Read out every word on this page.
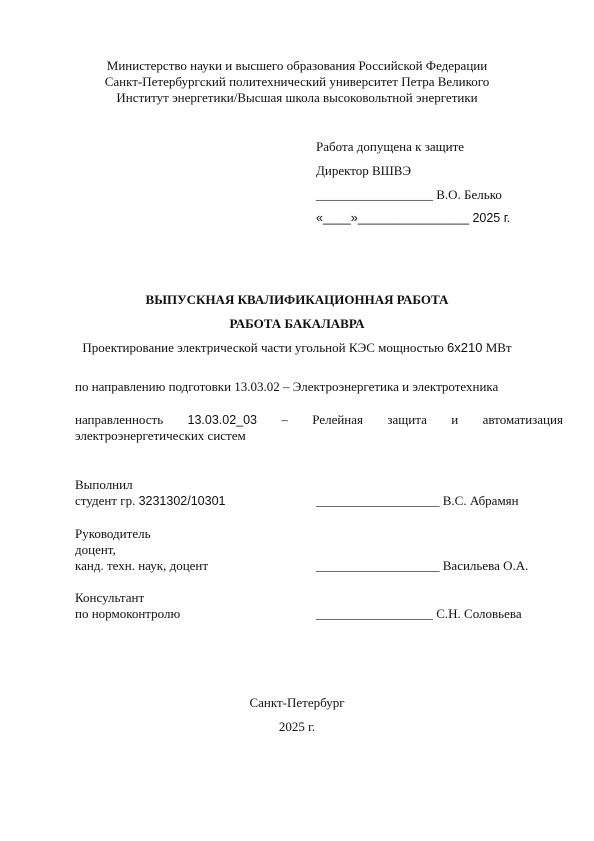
Министерство науки и высшего образования Российской Федерации
Санкт-Петербургский политехнический университет Петра Великого
Институт энергетики/Высшая школа высоковольтной энергетики
Работа допущена к защите
Директор ВШВЭ
__________________ В.О. Белько
«____»________________ 2025 г.
ВЫПУСКНАЯ КВАЛИФИКАЦИОННАЯ РАБОТА
РАБОТА БАКАЛАВРА
Проектирование электрической части угольной КЭС мощностью 6х210 МВт
по направлению подготовки 13.03.02 – Электроэнергетика и электротехника
направленность 13.03.02_03 – Релейная защита и автоматизация
электроэнергетических систем
Выполнил
студент гр. 3231302/10301	___________________ В.С. Абрамян
Руководитель
доцент,
канд. техн. наук, доцент	___________________ Васильева О.А.
Консультант
по нормоконтролю	__________________ С.Н. Соловьева
Санкт-Петербург
2025 г.
